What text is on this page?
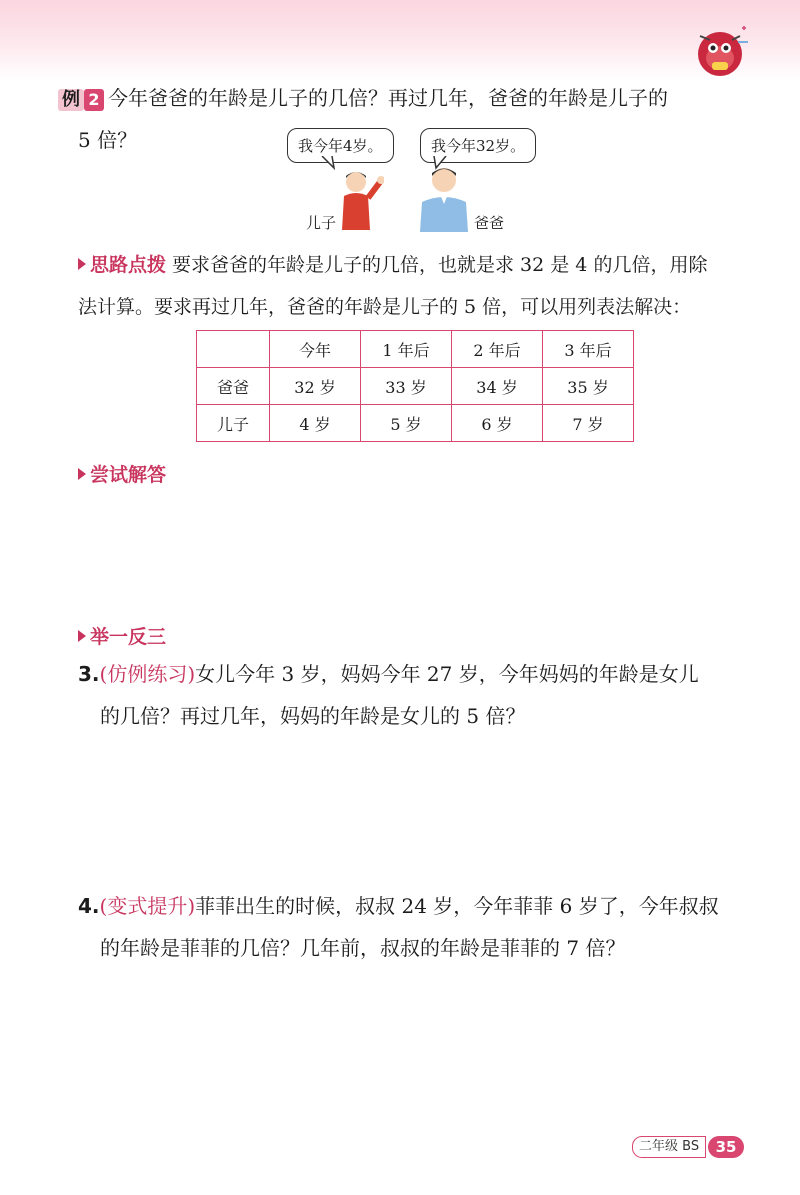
例 2 今年爸爸的年龄是儿子的几倍？再过几年，爸爸的年龄是儿子的
5 倍？	我今年4岁。	我今年32岁。
儿子	爸爸
思路点拨 要求爸爸的年龄是儿子的几倍，也就是求 32 是 4 的几倍，用除
法计算。要求再过几年，爸爸的年龄是儿子的 5 倍，可以用列表法解决：
	今年	1 年后	2 年后	3 年后
爸爸	32 岁	33 岁	34 岁	35 岁
儿子	4 岁	5 岁	6 岁	7 岁
尝试解答
举一反三
3.(仿例练习)女儿今年 3 岁，妈妈今年 27 岁，今年妈妈的年龄是女儿
的几倍？再过几年，妈妈的年龄是女儿的 5 倍？
4.(变式提升)菲菲出生的时候，叔叔 24 岁，今年菲菲 6 岁了，今年叔叔
的年龄是菲菲的几倍？几年前，叔叔的年龄是菲菲的 7 倍？
二年级 BS	35
